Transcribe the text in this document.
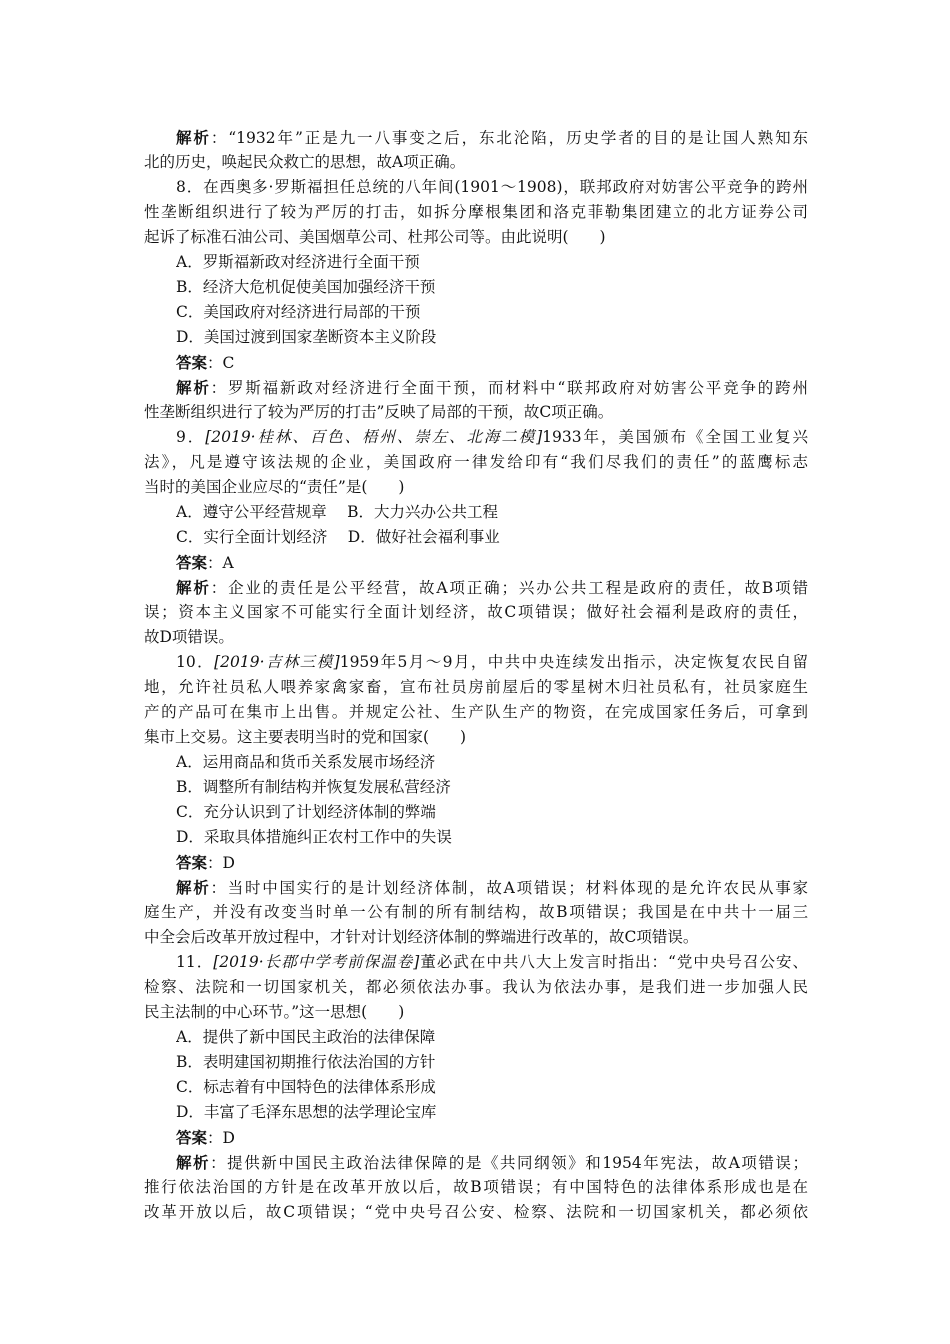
解析：“1932年”正是九一八事变之后，东北沦陷，历史学者的目的是让国人熟知东
北的历史，唤起民众救亡的思想，故A项正确。
8．在西奥多·罗斯福担任总统的八年间(1901～1908)，联邦政府对妨害公平竞争的跨州
性垄断组织进行了较为严厉的打击，如拆分摩根集团和洛克菲勒集团建立的北方证券公司
起诉了标准石油公司、美国烟草公司、杜邦公司等。由此说明(　　)
A．罗斯福新政对经济进行全面干预
B．经济大危机促使美国加强经济干预
C．美国政府对经济进行局部的干预
D．美国过渡到国家垄断资本主义阶段
答案：C
解析：罗斯福新政对经济进行全面干预，而材料中“联邦政府对妨害公平竞争的跨州
性垄断组织进行了较为严厉的打击”反映了局部的干预，故C项正确。
9．[2019·桂林、百色、梧州、崇左、北海二模]1933年，美国颁布《全国工业复兴
法》，凡是遵守该法规的企业，美国政府一律发给印有“我们尽我们的责任”的蓝鹰标志
当时的美国企业应尽的“责任”是(　　)
A．遵守公平经营规章　 B．大力兴办公共工程
C．实行全面计划经济　 D．做好社会福利事业
答案：A
解析：企业的责任是公平经营，故A项正确；兴办公共工程是政府的责任，故B项错
误；资本主义国家不可能实行全面计划经济，故C项错误；做好社会福利是政府的责任，
故D项错误。
10．[2019·吉林三模]1959年5月～9月，中共中央连续发出指示，决定恢复农民自留
地，允许社员私人喂养家禽家畜，宣布社员房前屋后的零星树木归社员私有，社员家庭生
产的产品可在集市上出售。并规定公社、生产队生产的物资，在完成国家任务后，可拿到
集市上交易。这主要表明当时的党和国家(　　)
A．运用商品和货币关系发展市场经济
B．调整所有制结构并恢复发展私营经济
C．充分认识到了计划经济体制的弊端
D．采取具体措施纠正农村工作中的失误
答案：D
解析：当时中国实行的是计划经济体制，故A项错误；材料体现的是允许农民从事家
庭生产，并没有改变当时单一公有制的所有制结构，故B项错误；我国是在中共十一届三
中全会后改革开放过程中，才针对计划经济体制的弊端进行改革的，故C项错误。
11．[2019·长郡中学考前保温卷]董必武在中共八大上发言时指出：“党中央号召公安、
检察、法院和一切国家机关，都必须依法办事。我认为依法办事，是我们进一步加强人民
民主法制的中心环节。”这一思想(　　)
A．提供了新中国民主政治的法律保障
B．表明建国初期推行依法治国的方针
C．标志着有中国特色的法律体系形成
D．丰富了毛泽东思想的法学理论宝库
答案：D
解析：提供新中国民主政治法律保障的是《共同纲领》和1954年宪法，故A项错误；
推行依法治国的方针是在改革开放以后，故B项错误；有中国特色的法律体系形成也是在
改革开放以后，故C项错误；“党中央号召公安、检察、法院和一切国家机关，都必须依
